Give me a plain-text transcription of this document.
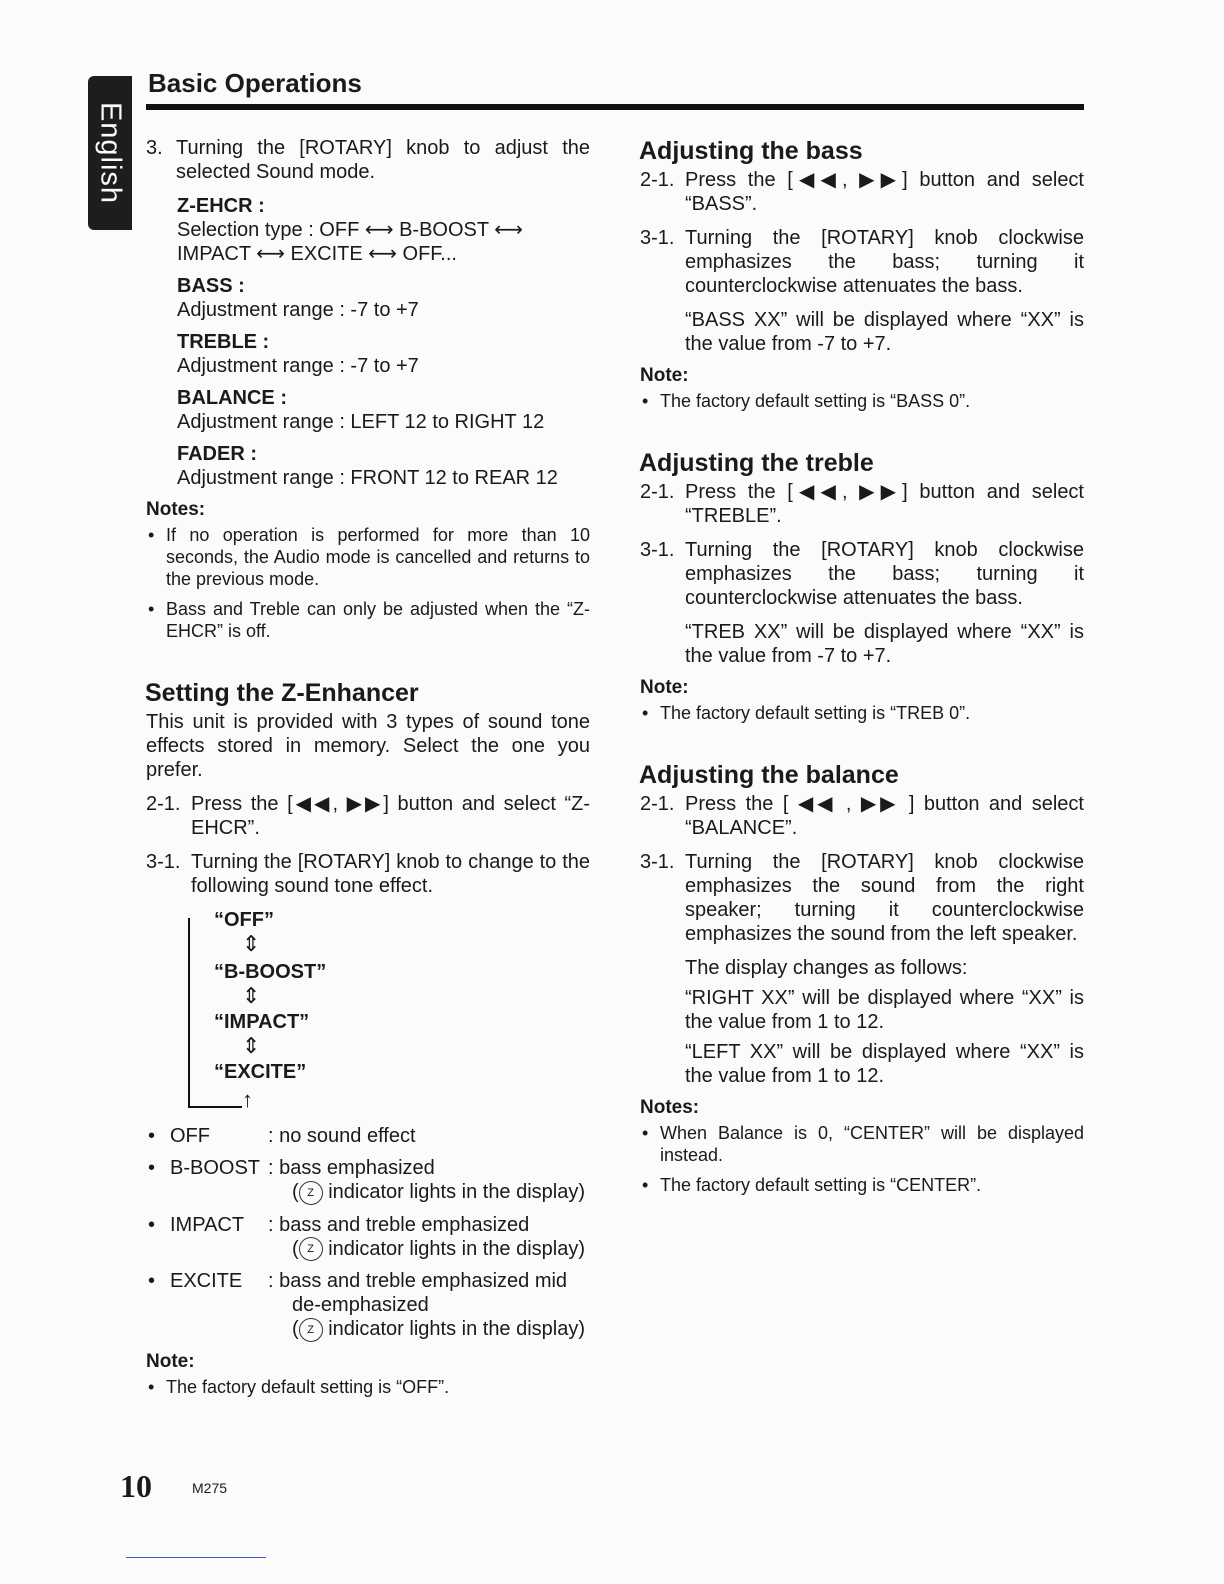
English
Basic Operations
3. Turning the [ROTARY] knob to adjust the selected Sound mode.
Z-EHCR :
Selection type : OFF ⟷ B-BOOST ⟷
IMPACT ⟷ EXCITE ⟷ OFF...
BASS :
Adjustment range : -7 to +7
TREBLE :
Adjustment range : -7 to +7
BALANCE :
Adjustment range : LEFT 12 to RIGHT 12
FADER :
Adjustment range : FRONT 12 to REAR 12
Notes:
• If no operation is performed for more than 10 seconds, the Audio mode is cancelled and returns to the previous mode.
• Bass and Treble can only be adjusted when the “Z-EHCR” is off.
Setting the Z-Enhancer
This unit is provided with 3 types of sound tone effects stored in memory. Select the one you prefer.
2-1. Press the [◀◀, ▶▶] button and select “Z-EHCR”.
3-1. Turning the [ROTARY] knob to change to the following sound tone effect.
“OFF”
⇕
“B-BOOST”
⇕
“IMPACT”
⇕
“EXCITE”
↑
• OFF	: no sound effect
• B-BOOST : bass emphasized
( Z indicator lights in the display)
• IMPACT : bass and treble emphasized
( Z indicator lights in the display)
• EXCITE : bass and treble emphasized mid
de-emphasized
( Z indicator lights in the display)
Note:
• The factory default setting is “OFF”.
Adjusting the bass
2-1. Press the [◀◀, ▶▶] button and select “BASS”.
3-1. Turning the [ROTARY] knob clockwise emphasizes the bass; turning it counterclockwise attenuates the bass.
“BASS XX” will be displayed where “XX” is the value from -7 to +7.
Note:
• The factory default setting is “BASS 0”.
Adjusting the treble
2-1. Press the [◀◀, ▶▶] button and select “TREBLE”.
3-1. Turning the [ROTARY] knob clockwise emphasizes the bass; turning it counterclockwise attenuates the bass.
“TREB XX” will be displayed where “XX” is the value from -7 to +7.
Note:
• The factory default setting is “TREB 0”.
Adjusting the balance
2-1. Press the [ ◀◀ , ▶▶ ] button and select “BALANCE”.
3-1. Turning the [ROTARY] knob clockwise emphasizes the sound from the right speaker; turning it counterclockwise emphasizes the sound from the left speaker.
The display changes as follows:
“RIGHT XX” will be displayed where “XX” is the value from 1 to 12.
“LEFT XX” will be displayed where “XX” is the value from 1 to 12.
Notes:
• When Balance is 0, “CENTER” will be displayed instead.
• The factory default setting is “CENTER”.
10	M275
